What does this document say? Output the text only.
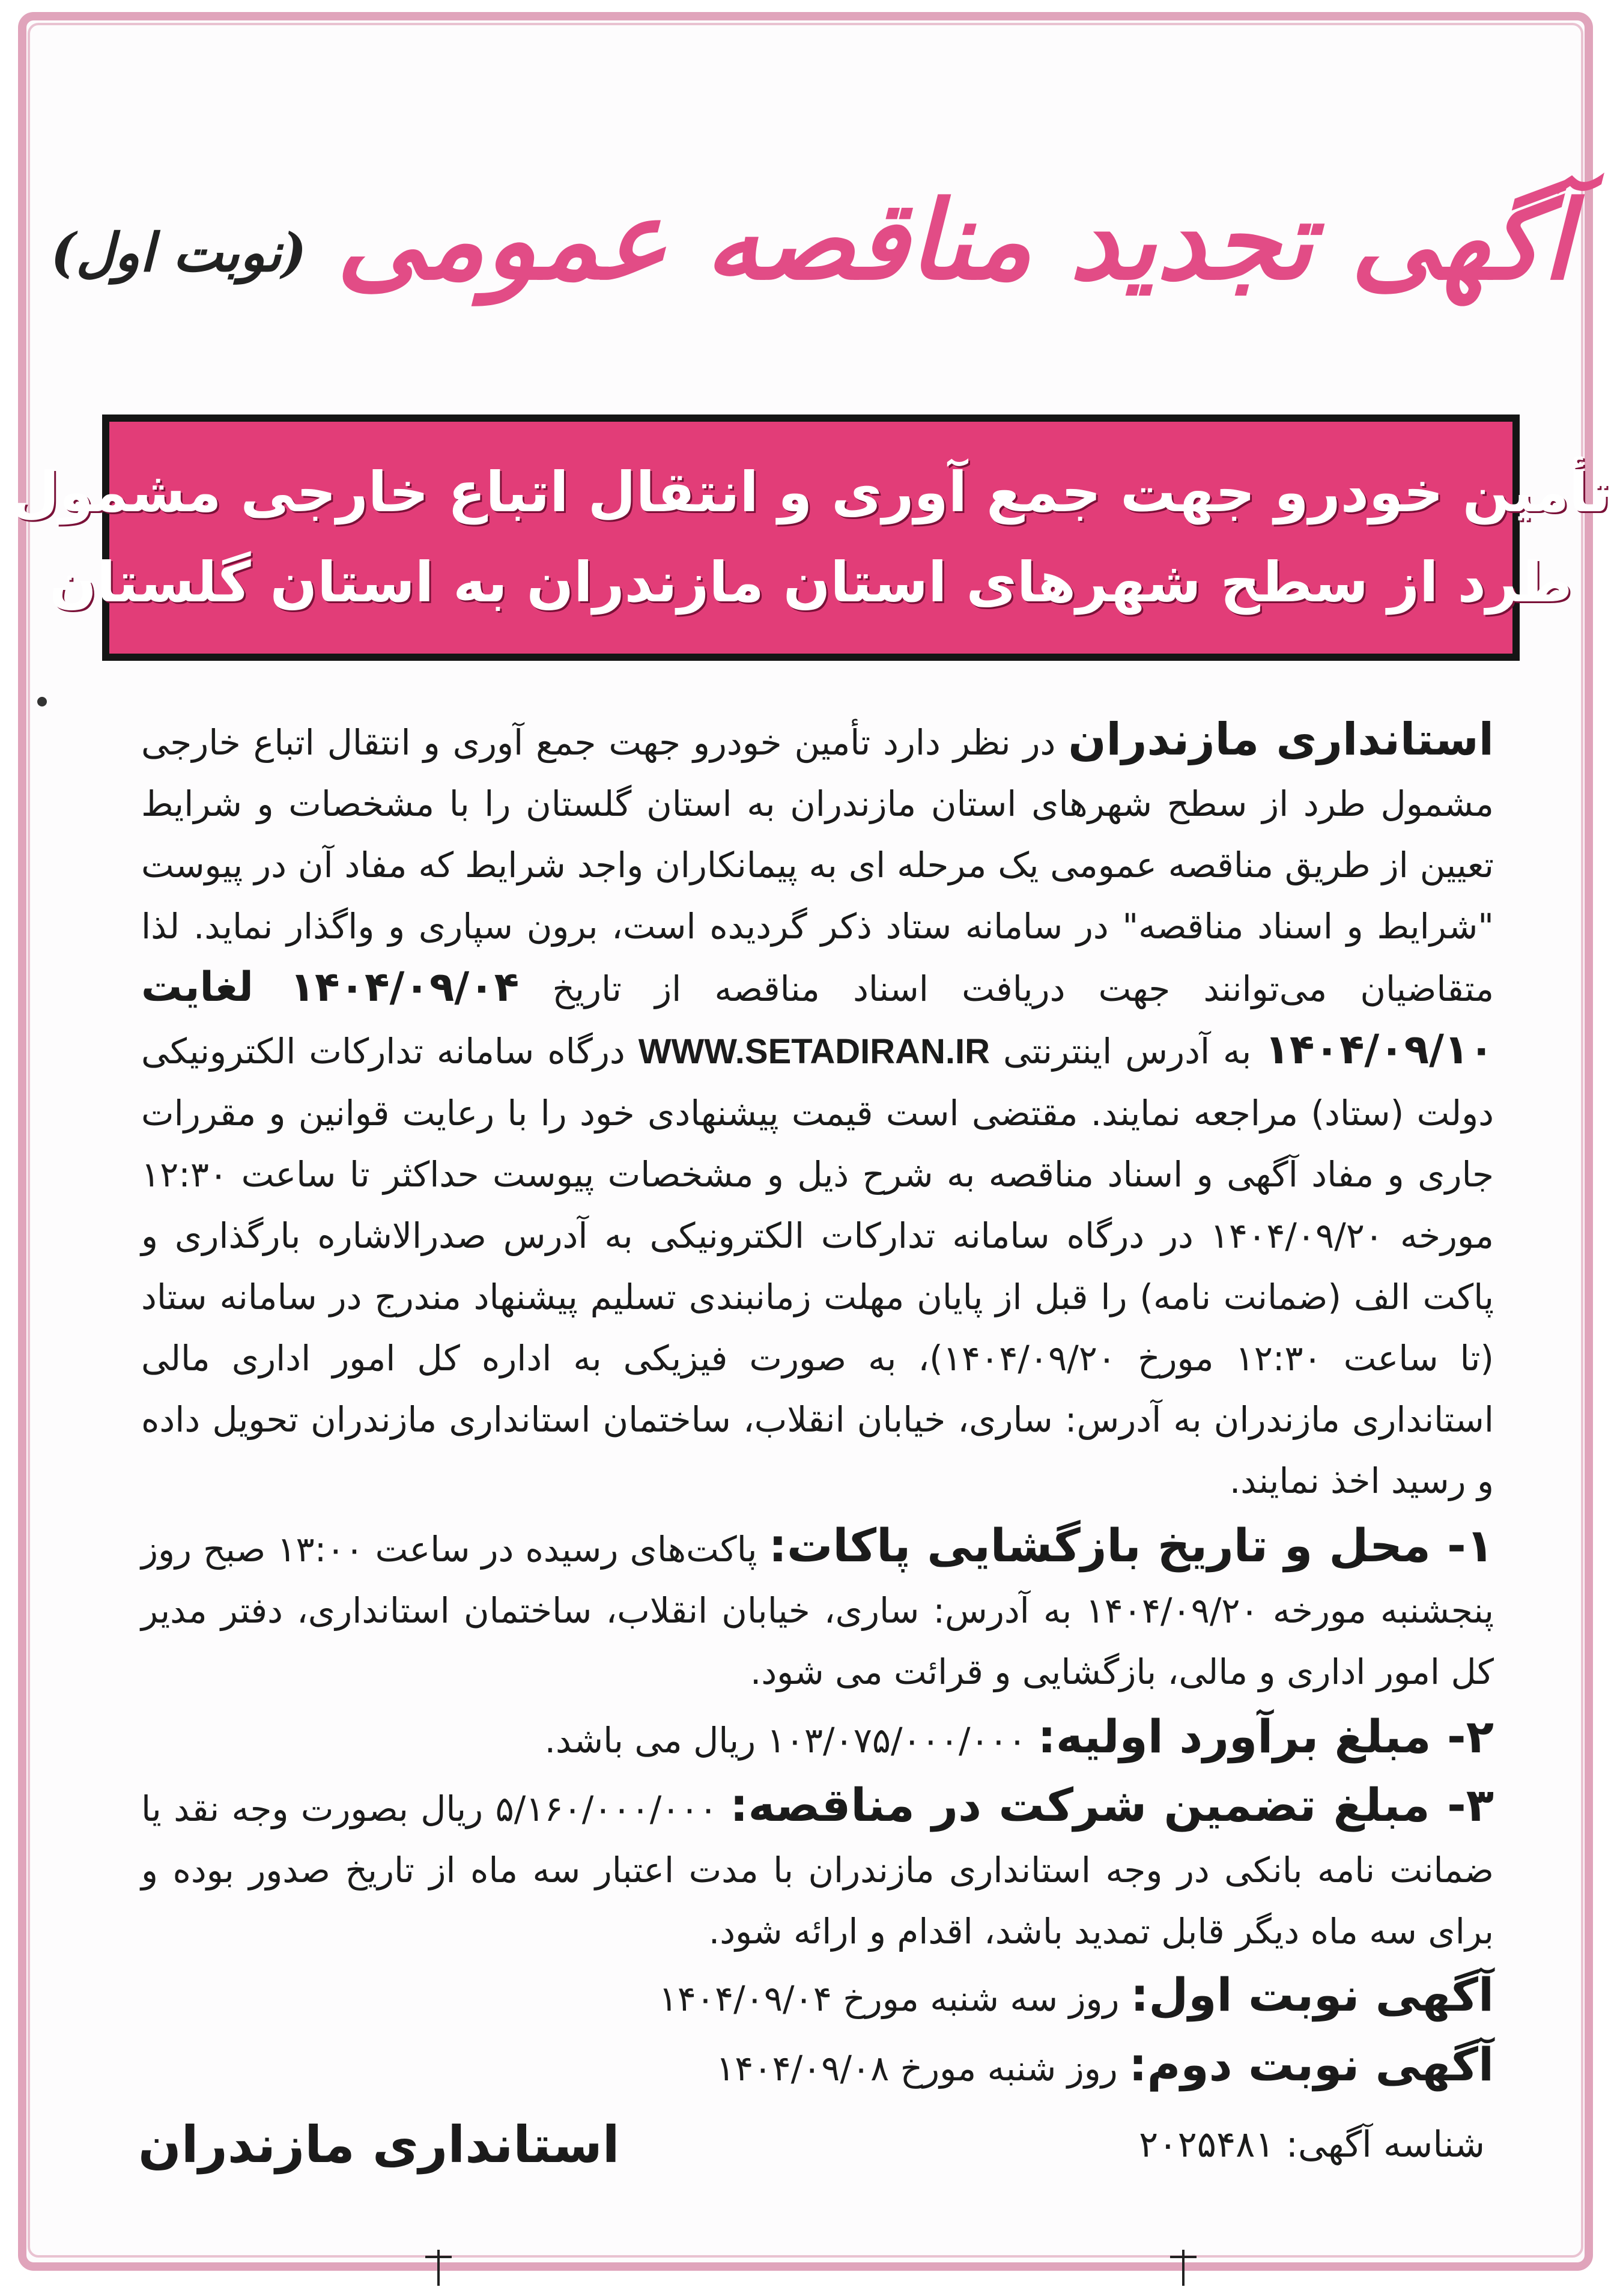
آگهی تجدید مناقصه عمومی
(نوبت اول)
تأمین خودرو جهت جمع آوری و انتقال اتباع خارجی مشمول
طرد از سطح شهرهای استان مازندران به استان گلستان

استانداری مازندران در نظر دارد تأمین خودرو جهت جمع آوری و انتقال اتباع خارجی مشمول طرد از سطح شهرهای استان مازندران به استان گلستان را با مشخصات و شرایط تعیین از طریق مناقصه عمومی یک مرحله ای به پیمانکاران واجد شرایط که مفاد آن در پیوست "شرایط و اسناد مناقصه" در سامانه ستاد ذکر گردیده است، برون سپاری و واگذار نماید. لذا متقاضیان می‌توانند جهت دریافت اسناد مناقصه از تاریخ ۱۴۰۴/۰۹/۰۴ لغایت ۱۴۰۴/۰۹/۱۰ به آدرس اینترنتی WWW.SETADIRAN.IR درگاه سامانه تدارکات الکترونیکی دولت (ستاد) مراجعه نمایند. مقتضی است قیمت پیشنهادی خود را با رعایت قوانین و مقررات جاری و مفاد آگهی و اسناد مناقصه به شرح ذیل و مشخصات پیوست حداکثر تا ساعت ۱۲:۳۰ مورخه ۱۴۰۴/۰۹/۲۰ در درگاه سامانه تدارکات الکترونیکی به آدرس صدرالاشاره بارگذاری و پاکت الف (ضمانت نامه) را قبل از پایان مهلت زمانبندی تسلیم پیشنهاد مندرج در سامانه ستاد (تا ساعت ۱۲:۳۰ مورخ ۱۴۰۴/۰۹/۲۰)، به صورت فیزیکی به اداره کل امور اداری مالی استانداری مازندران به آدرس: ساری، خیابان انقلاب، ساختمان استانداری مازندران تحویل داده و رسید اخذ نمایند.

۱- محل و تاریخ بازگشایی پاکات: پاکت‌های رسیده در ساعت ۱۳:۰۰ صبح روز پنجشنبه مورخه ۱۴۰۴/۰۹/۲۰ به آدرس: ساری، خیابان انقلاب، ساختمان استانداری، دفتر مدیر کل امور اداری و مالی، بازگشایی و قرائت می شود.
۲- مبلغ برآورد اولیه: ۱۰۳/۰۷۵/۰۰۰/۰۰۰ ریال می باشد.
۳- مبلغ تضمین شرکت در مناقصه: ۵/۱۶۰/۰۰۰/۰۰۰ ریال بصورت وجه نقد یا ضمانت نامه بانکی در وجه استانداری مازندران با مدت اعتبار سه ماه از تاریخ صدور بوده و برای سه ماه دیگر قابل تمدید باشد، اقدام و ارائه شود.
آگهی نوبت اول: روز سه شنبه مورخ ۱۴۰۴/۰۹/۰۴
آگهی نوبت دوم: روز شنبه مورخ ۱۴۰۴/۰۹/۰۸
شناسه آگهی: ۲۰۲۵۴۸۱
استانداری مازندران
